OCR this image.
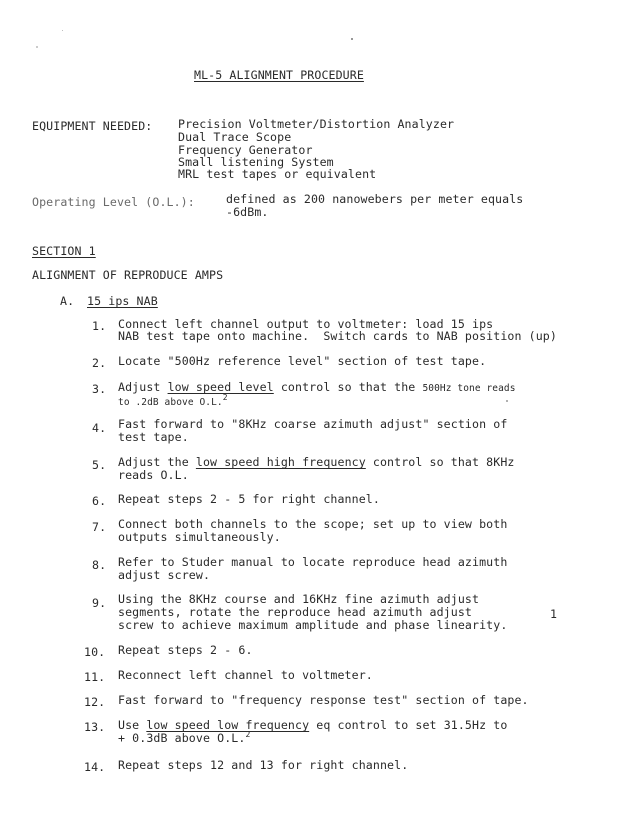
ML-5 ALIGNMENT PROCEDURE
EQUIPMENT NEEDED: Precision Voltmeter/Distortion Analyzer
Dual Trace Scope
Frequency Generator
Small listening System
MRL test tapes or equivalent
Operating Level (O.L.):	defined as 200 nanowebers per meter equals
-6dBm.
SECTION 1
ALIGNMENT OF REPRODUCE AMPS
A. 15 ips NAB
1. Connect left channel output to voltmeter: load 15 ips
NAB test tape onto machine.  Switch cards to NAB position (up)
2. Locate "500Hz reference level" section of test tape.
3. Adjust low speed level control so that the 500Hz tone reads
to .2dB above O.L.$^2$
4. Fast forward to "8KHz coarse azimuth adjust" section of
test tape.
5. Adjust the low speed high frequency control so that 8KHz
reads O.L.
6. Repeat steps 2 - 5 for right channel.
7. Connect both channels to the scope; set up to view both
outputs simultaneously.
8. Refer to Studer manual to locate reproduce head azimuth
adjust screw.
9. Using the 8KHz course and 16KHz fine azimuth adjust
segments, rotate the reproduce head azimuth adjust
screw to achieve maximum amplitude and phase linearity.
1
10. Repeat steps 2 - 6.
11. Reconnect left channel to voltmeter.
12. Fast forward to "frequency response test" section of tape.
13. Use low speed low frequency eq control to set 31.5Hz to
+ 0.3dB above O.L.$^2$
14. Repeat steps 12 and 13 for right channel.
